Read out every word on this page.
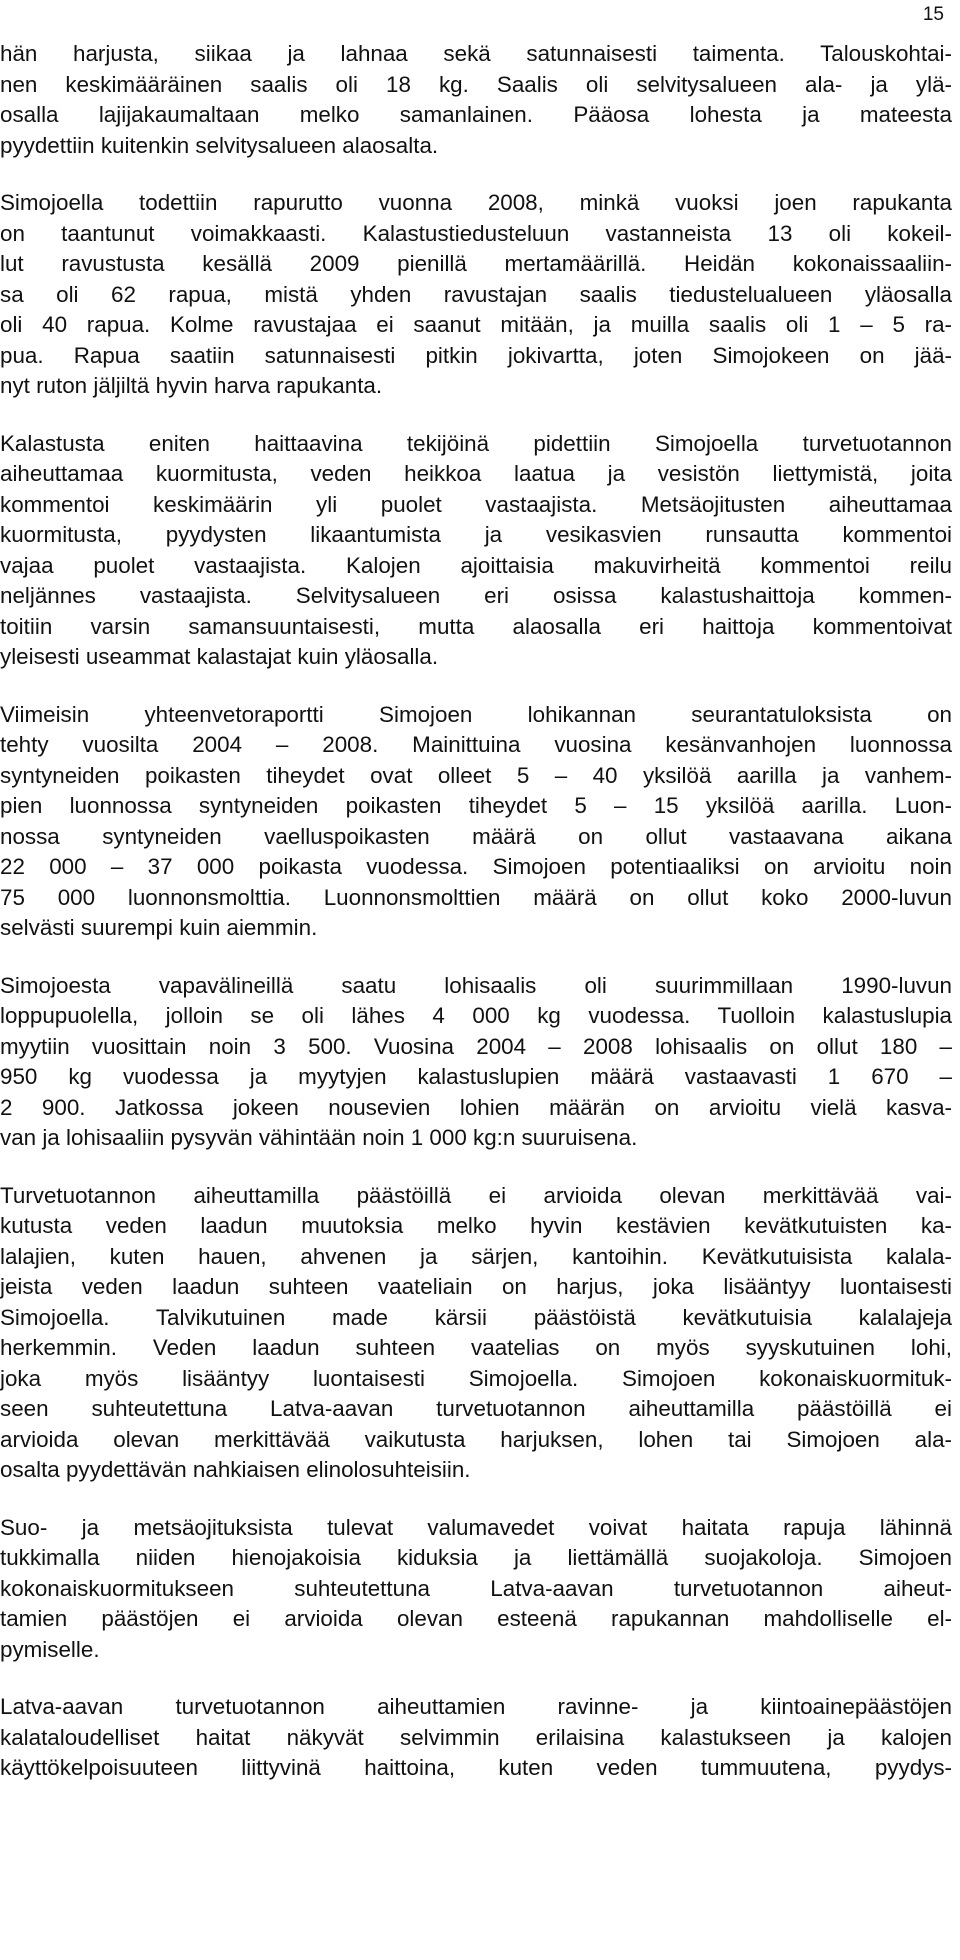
15
hän harjusta, siikaa ja lahnaa sekä satunnaisesti taimenta. Talouskohtai-
nen keskimääräinen saalis oli 18 kg. Saalis oli selvitysalueen ala- ja ylä-
osalla lajijakaumaltaan melko samanlainen. Pääosa lohesta ja mateesta
pyydettiin kuitenkin selvitysalueen alaosalta.
Simojoella todettiin rapurutto vuonna 2008, minkä vuoksi joen rapukanta
on taantunut voimakkaasti. Kalastustiedusteluun vastanneista 13 oli kokeil-
lut ravustusta kesällä 2009 pienillä mertamäärillä. Heidän kokonaissaaliin-
sa oli 62 rapua, mistä yhden ravustajan saalis tiedustelualueen yläosalla
oli 40 rapua. Kolme ravustajaa ei saanut mitään, ja muilla saalis oli 1 – 5 ra-
pua. Rapua saatiin satunnaisesti pitkin jokivartta, joten Simojokeen on jää-
nyt ruton jäljiltä hyvin harva rapukanta.
Kalastusta eniten haittaavina tekijöinä pidettiin Simojoella turvetuotannon
aiheuttamaa kuormitusta, veden heikkoa laatua ja vesistön liettymistä, joita
kommentoi keskimäärin yli puolet vastaajista. Metsäojitusten aiheuttamaa
kuormitusta, pyydysten likaantumista ja vesikasvien runsautta kommentoi
vajaa puolet vastaajista. Kalojen ajoittaisia makuvirheitä kommentoi reilu
neljännes vastaajista. Selvitysalueen eri osissa kalastushaittoja kommen-
toitiin varsin samansuuntaisesti, mutta alaosalla eri haittoja kommentoivat
yleisesti useammat kalastajat kuin yläosalla.
Viimeisin yhteenvetoraportti Simojoen lohikannan seurantatuloksista on
tehty vuosilta 2004 – 2008. Mainittuina vuosina kesänvanhojen luonnossa
syntyneiden poikasten tiheydet ovat olleet 5 – 40 yksilöä aarilla ja vanhem-
pien luonnossa syntyneiden poikasten tiheydet 5 – 15 yksilöä aarilla. Luon-
nossa syntyneiden vaelluspoikasten määrä on ollut vastaavana aikana
22 000 – 37 000 poikasta vuodessa. Simojoen potentiaaliksi on arvioitu noin
75 000 luonnonsmolttia. Luonnonsmolttien määrä on ollut koko 2000-luvun
selvästi suurempi kuin aiemmin.
Simojoesta vapavälineillä saatu lohisaalis oli suurimmillaan 1990-luvun
loppupuolella, jolloin se oli lähes 4 000 kg vuodessa. Tuolloin kalastuslupia
myytiin vuosittain noin 3 500. Vuosina 2004 – 2008 lohisaalis on ollut 180 –
950 kg vuodessa ja myytyjen kalastuslupien määrä vastaavasti 1 670 –
2 900. Jatkossa jokeen nousevien lohien määrän on arvioitu vielä kasva-
van ja lohisaaliin pysyvän vähintään noin 1 000 kg:n suuruisena.
Turvetuotannon aiheuttamilla päästöillä ei arvioida olevan merkittävää vai-
kutusta veden laadun muutoksia melko hyvin kestävien kevätkutuisten ka-
lalajien, kuten hauen, ahvenen ja särjen, kantoihin. Kevätkutuisista kalala-
jeista veden laadun suhteen vaateliain on harjus, joka lisääntyy luontaisesti
Simojoella. Talvikutuinen made kärsii päästöistä kevätkutuisia kalalajeja
herkemmin. Veden laadun suhteen vaatelias on myös syyskutuinen lohi,
joka myös lisääntyy luontaisesti Simojoella. Simojoen kokonaiskuormituk-
seen suhteutettuna Latva-aavan turvetuotannon aiheuttamilla päästöillä ei
arvioida olevan merkittävää vaikutusta harjuksen, lohen tai Simojoen ala-
osalta pyydettävän nahkiaisen elinolosuhteisiin.
Suo- ja metsäojituksista tulevat valumavedet voivat haitata rapuja lähinnä
tukkimalla niiden hienojakoisia kiduksia ja liettämällä suojakoloja. Simojoen
kokonaiskuormitukseen suhteutettuna Latva-aavan turvetuotannon aiheut-
tamien päästöjen ei arvioida olevan esteenä rapukannan mahdolliselle el-
pymiselle.
Latva-aavan turvetuotannon aiheuttamien ravinne- ja kiintoainepäästöjen
kalataloudelliset haitat näkyvät selvimmin erilaisina kalastukseen ja kalojen
käyttökelpoisuuteen liittyvinä haittoina, kuten veden tummuutena, pyydys-
